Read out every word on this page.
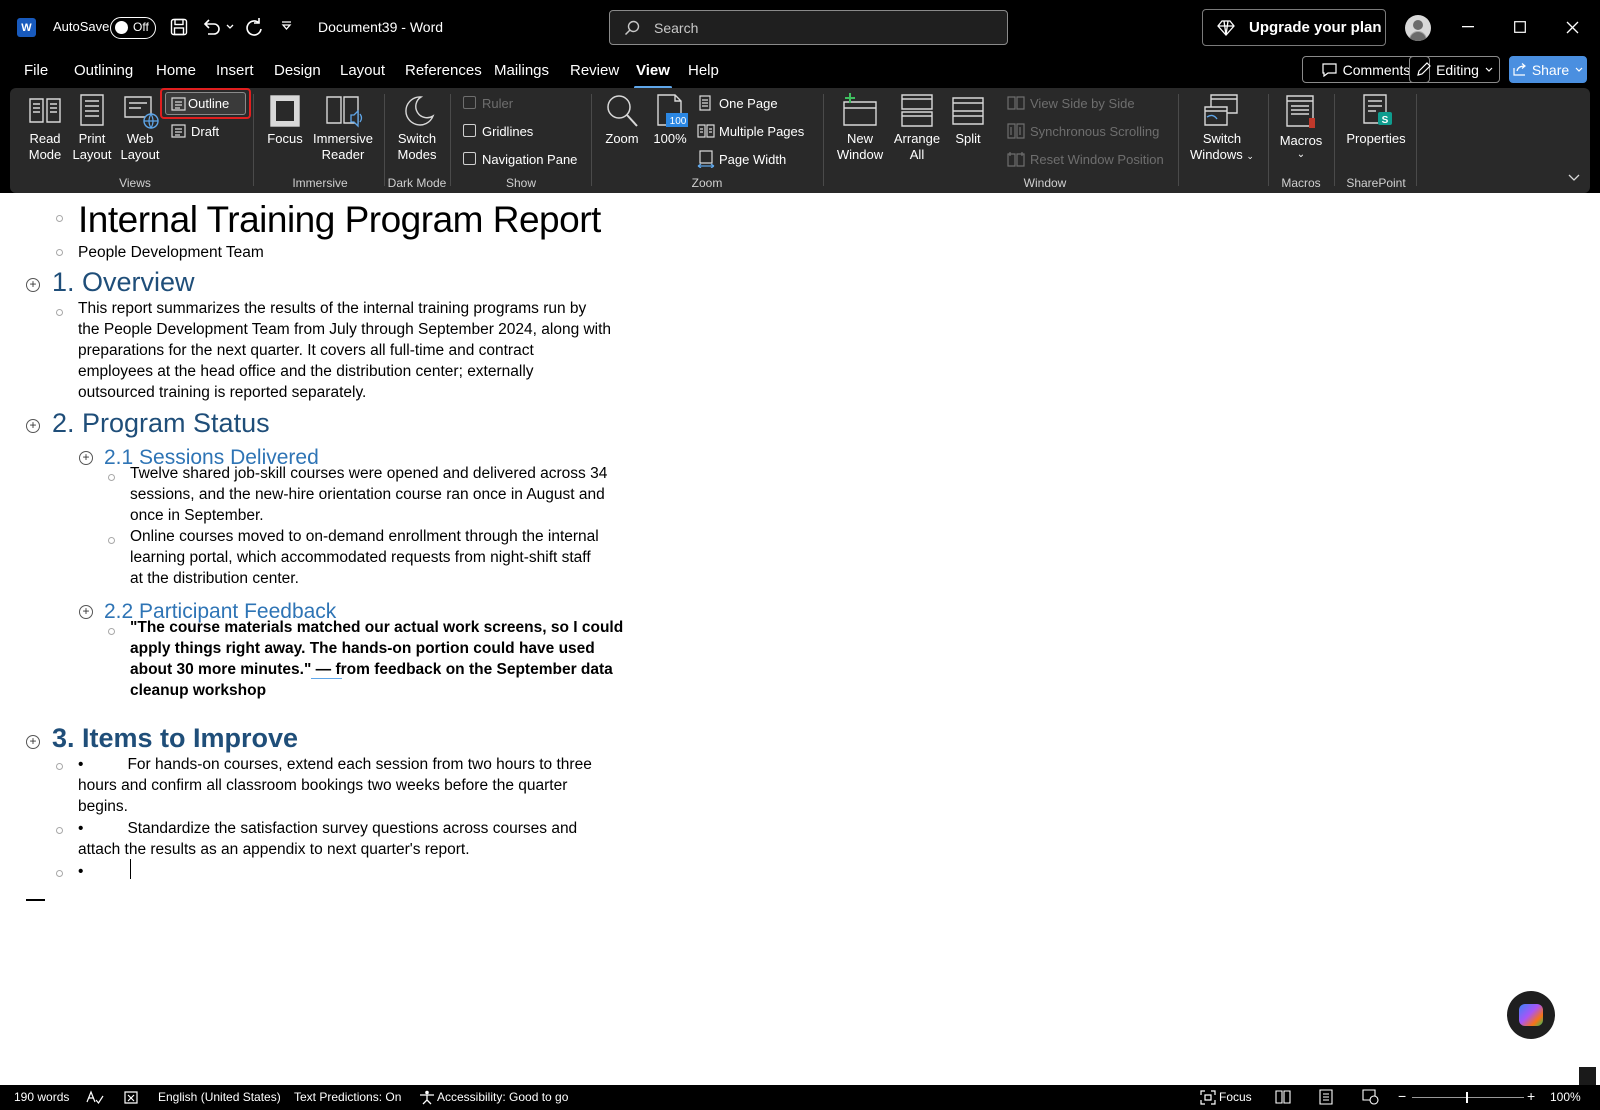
W	AutoSave Off	Document39
-
Word	Search	Upgrade your plan
File Outlining Home Insert Design Layout References Mailings Review View Help	Comments Editing	Share
Read Mode
Print Layout
Web Layout
Outline
Draft
Views
Focus Immersive Reader
Immersive
Switch Modes
Dark Mode
Ruler
Gridlines
Navigation Pane
Show
Zoom
100
100%
One Page
Multiple Pages
Page Width
Zoom
New Window
Arrange All
Split
View Side by Side
Synchronous Scrolling
Reset Window Position
Window
Switch Windows ⌄
Macros
⌄
Macros
S
Properties
SharePoint
Internal Training Program Report
People Development Team
+ 1. Overview
This report summarizes the results of the internal training programs run by
the People Development Team from July through September 2024, along with
preparations for the next quarter. It covers all full-time and contract
employees at the head office and the distribution center; externally
outsourced training is reported separately.
+ 2. Program Status
+ 2.1 Sessions Delivered
Twelve shared job-skill courses were opened and delivered across 34
sessions, and the new-hire orientation course ran once in August and
once in September.
Online courses moved to on-demand enrollment through the internal
learning portal, which accommodated requests from night-shift staff
at the distribution center.
+ 2.2 Participant Feedback
"The course materials matched our actual work screens, so I could
apply things right away. The hands-on portion could have used
about 30 more minutes." — from feedback on the September data
cleanup workshop
+ 3. Items to Improve
•	For hands-on courses, extend each session from two hours to three
hours and confirm all classroom bookings two weeks before the quarter
begins.
•	Standardize the satisfaction survey questions across courses and
attach the results as an appendix to next quarter's report.
•
190 words	English (United States) Text Predictions: On	Accessibility: Good to go	Focus	−	+ 100%
